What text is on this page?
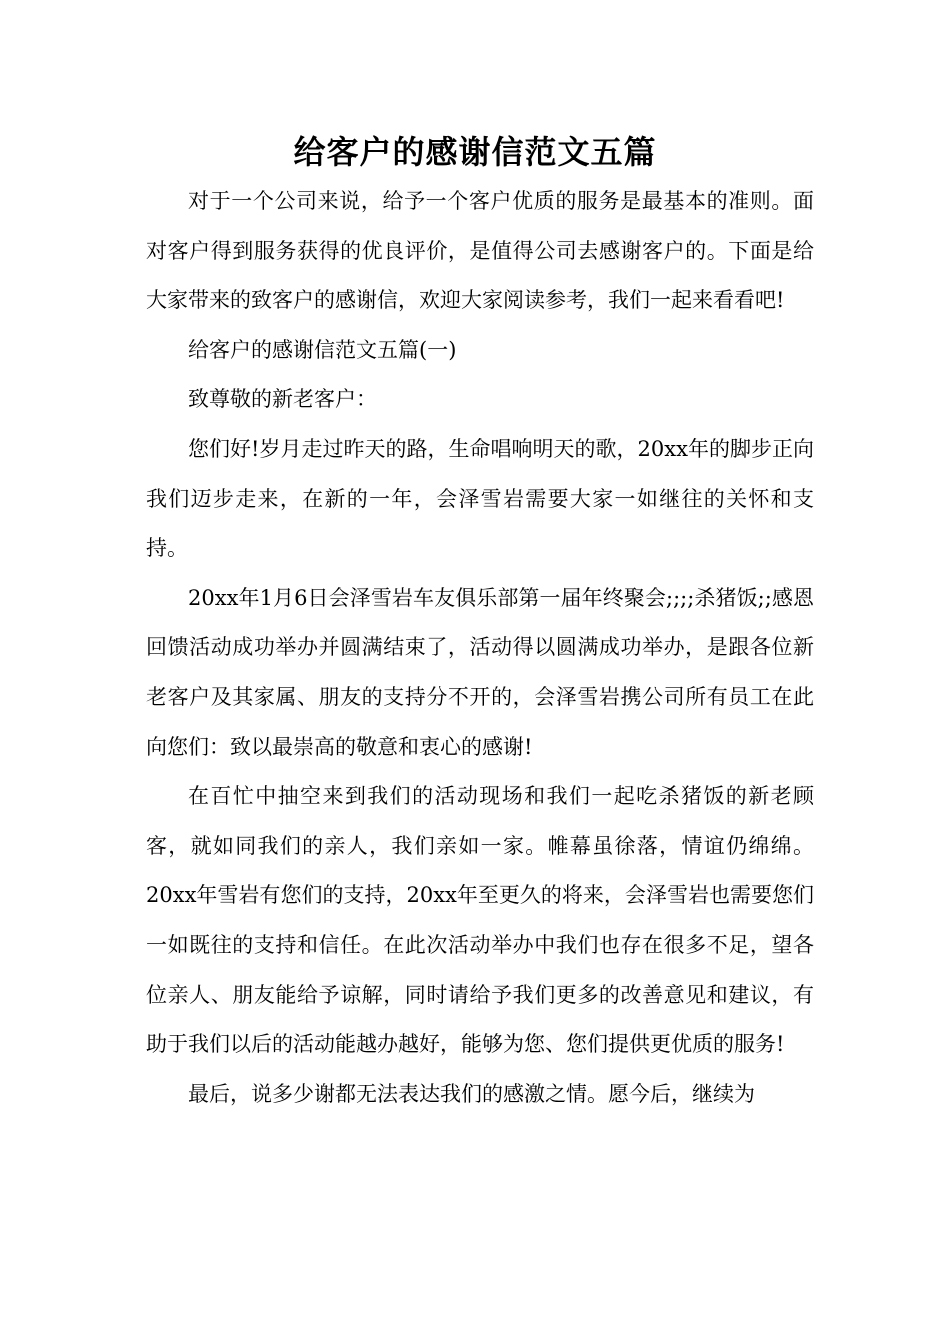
给客户的感谢信范文五篇

对于一个公司来说，给予一个客户优质的服务是最基本的准则。面对客户得到服务获得的优良评价，是值得公司去感谢客户的。下面是给大家带来的致客户的感谢信，欢迎大家阅读参考，我们一起来看看吧!

给客户的感谢信范文五篇(一)

致尊敬的新老客户：

您们好!岁月走过昨天的路，生命唱响明天的歌，20xx年的脚步正向我们迈步走来，在新的一年，会泽雪岩需要大家一如继往的关怀和支持。

20xx年1月6日会泽雪岩车友俱乐部第一届年终聚会;;;;杀猪饭;;感恩回馈活动成功举办并圆满结束了，活动得以圆满成功举办，是跟各位新老客户及其家属、朋友的支持分不开的，会泽雪岩携公司所有员工在此向您们：致以最崇高的敬意和衷心的感谢!

在百忙中抽空来到我们的活动现场和我们一起吃杀猪饭的新老顾客，就如同我们的亲人，我们亲如一家。帷幕虽徐落，情谊仍绵绵。20xx年雪岩有您们的支持，20xx年至更久的将来，会泽雪岩也需要您们一如既往的支持和信任。在此次活动举办中我们也存在很多不足，望各位亲人、朋友能给予谅解，同时请给予我们更多的改善意见和建议，有助于我们以后的活动能越办越好，能够为您、您们提供更优质的服务!

最后，说多少谢都无法表达我们的感激之情。愿今后，继续为
